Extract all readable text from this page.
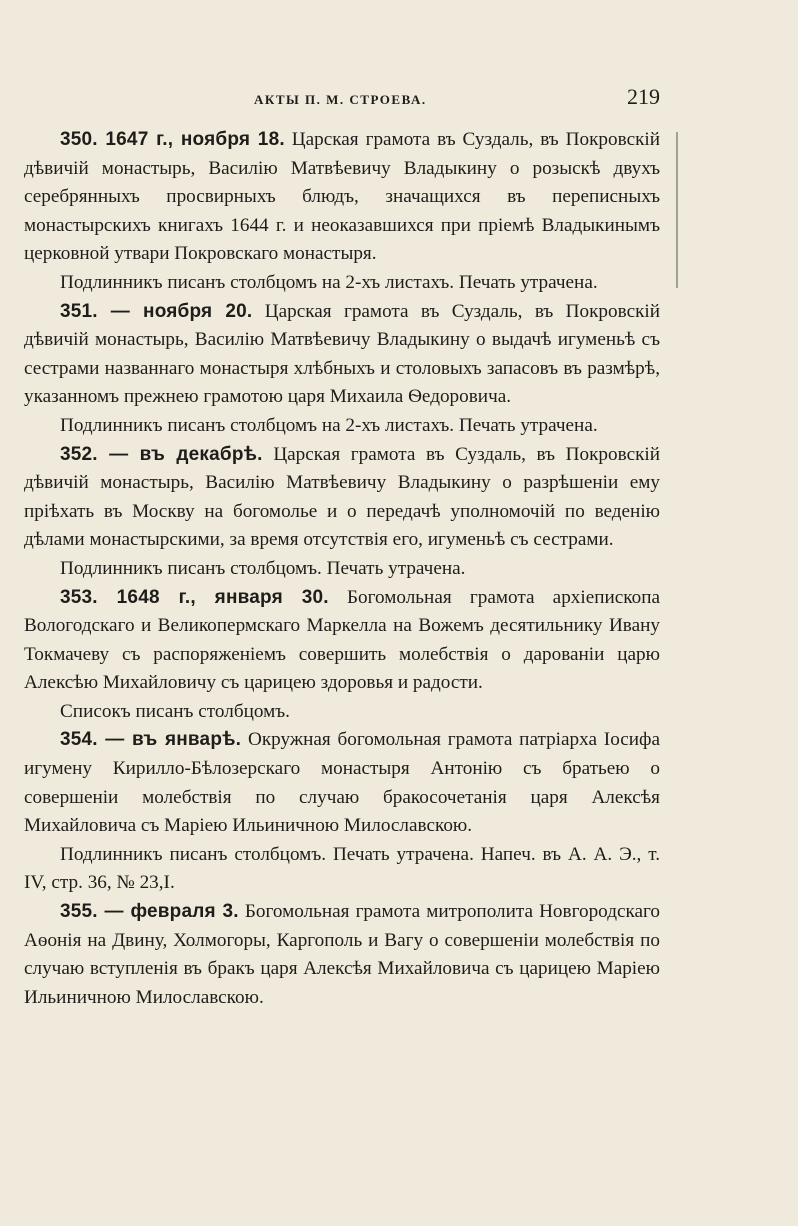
АКТЫ П. М. СТРОЕВА.	219

350. 1647 г., ноября 18. Царская грамота въ Суздаль, въ Покровскій дѣвичій монастырь, Василію Матвѣевичу Владыкину о розыскѣ двухъ серебрянныхъ просвирныхъ блюдъ, значащихся въ переписныхъ монастырскихъ книгахъ 1644 г. и неоказавшихся при пріемѣ Владыкинымъ церковной утвари Покровскаго монастыря.

Подлинникъ писанъ столбцомъ на 2-хъ листахъ. Печать утрачена.

351. — ноября 20. Царская грамота въ Суздаль, въ Покровскій дѣвичій монастырь, Василію Матвѣевичу Владыкину о выдачѣ игуменьѣ съ сестрами названнаго монастыря хлѣбныхъ и столовыхъ запасовъ въ размѣрѣ, указанномъ прежнею грамотою царя Михаила Ѳедоровича.

Подлинникъ писанъ столбцомъ на 2-хъ листахъ. Печать утрачена.

352. — въ декабрѣ. Царская грамота въ Суздаль, въ Покровскій дѣвичій монастырь, Василію Матвѣевичу Владыкину о разрѣшеніи ему пріѣхать въ Москву на богомолье и о передачѣ уполномочій по веденію дѣлами монастырскими, за время отсутствія его, игуменьѣ съ сестрами.

Подлинникъ писанъ столбцомъ. Печать утрачена.

353. 1648 г., января 30. Богомольная грамота архіепископа Вологодскаго и Великопермскаго Маркелла на Вожемъ десятильнику Ивану Токмачеву съ распоряженіемъ совершить молебствія о дарованіи царю Алексѣю Михайловичу съ царицею здоровья и радости.

Списокъ писанъ столбцомъ.

354. — въ январѣ. Окружная богомольная грамота патріарха Іосифа игумену Кирилло-Бѣлозерскаго монастыря Антонію съ братьею о совершеніи молебствія по случаю бракосочетанія царя Алексѣя Михайловича съ Маріею Ильиничною Милославскою.

Подлинникъ писанъ столбцомъ. Печать утрачена. Напеч. въ А. А. Э., т. IV, стр. 36, № 23,I.

355. — февраля 3. Богомольная грамота митрополита Новгородскаго Аѳонія на Двину, Холмогоры, Каргополь и Вагу о совершеніи молебствія по случаю вступленія въ бракъ царя Алексѣя Михайловича съ царицею Маріею Ильиничною Милославскою.
